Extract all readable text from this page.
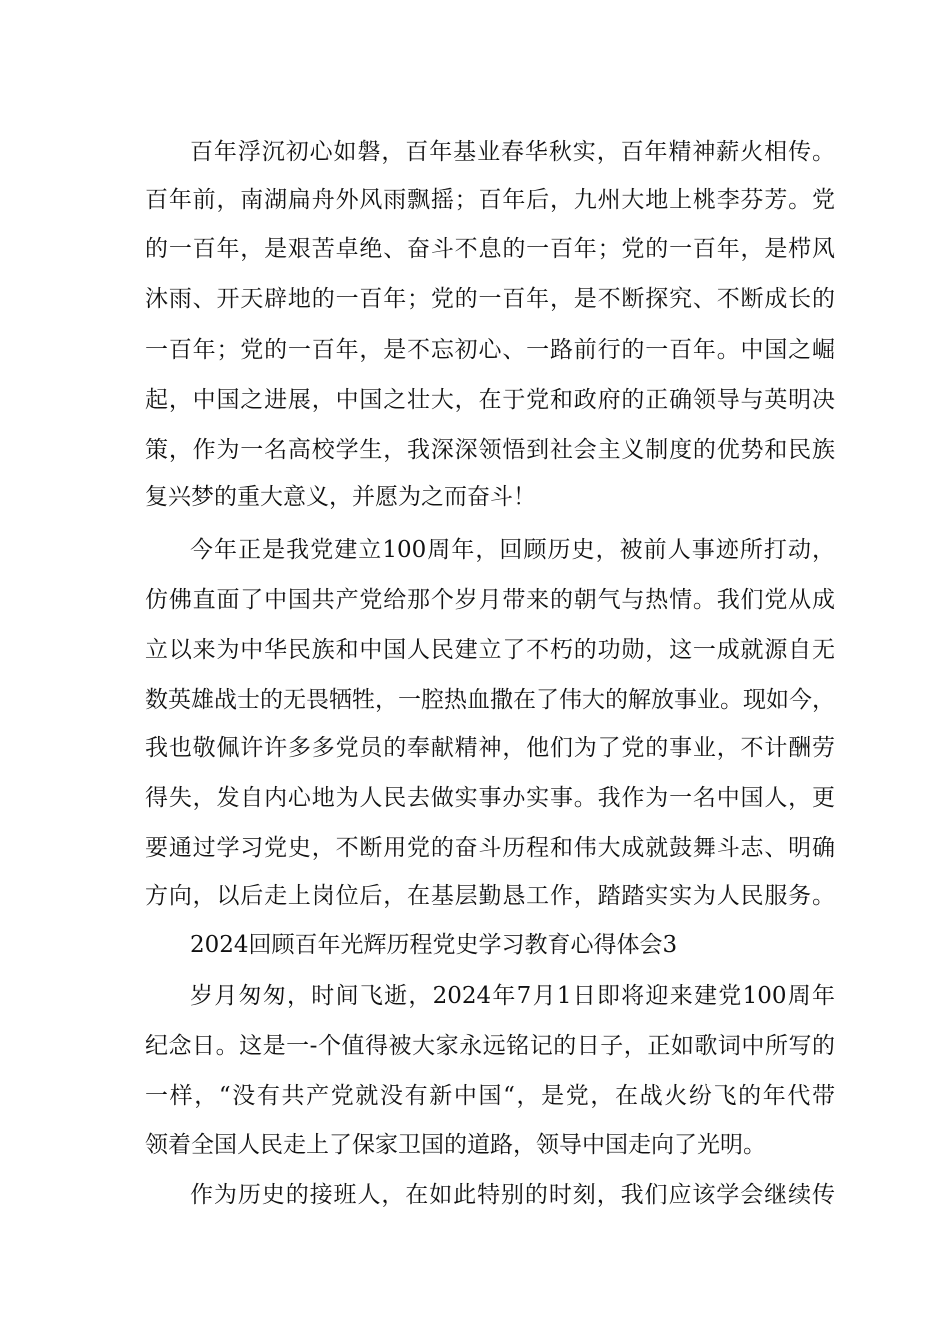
百年浮沉初心如磐，百年基业春华秋实，百年精神薪火相传。
百年前，南湖扁舟外风雨飘摇；百年后，九州大地上桃李芬芳。党
的一百年，是艰苦卓绝、奋斗不息的一百年；党的一百年，是栉风
沐雨、开天辟地的一百年；党的一百年，是不断探究、不断成长的
一百年；党的一百年，是不忘初心、一路前行的一百年。中国之崛
起，中国之进展，中国之壮大，在于党和政府的正确领导与英明决
策，作为一名高校学生，我深深领悟到社会主义制度的优势和民族
复兴梦的重大意义，并愿为之而奋斗！
今年正是我党建立100周年，回顾历史，被前人事迹所打动，
仿佛直面了中国共产党给那个岁月带来的朝气与热情。我们党从成
立以来为中华民族和中国人民建立了不朽的功勋，这一成就源自无
数英雄战士的无畏牺牲，一腔热血撒在了伟大的解放事业。现如今，
我也敬佩许许多多党员的奉献精神，他们为了党的事业，不计酬劳
得失，发自内心地为人民去做实事办实事。我作为一名中国人，更
要通过学习党史，不断用党的奋斗历程和伟大成就鼓舞斗志、明确
方向，以后走上岗位后，在基层勤恳工作，踏踏实实为人民服务。
2024回顾百年光辉历程党史学习教育心得体会3
岁月匆匆，时间飞逝，2024年7月1日即将迎来建党100周年
纪念日。这是一-个值得被大家永远铭记的日子，正如歌词中所写的
一样，“没有共产党就没有新中国“，是党，在战火纷飞的年代带
领着全国人民走上了保家卫国的道路，领导中国走向了光明。
作为历史的接班人，在如此特别的时刻，我们应该学会继续传
